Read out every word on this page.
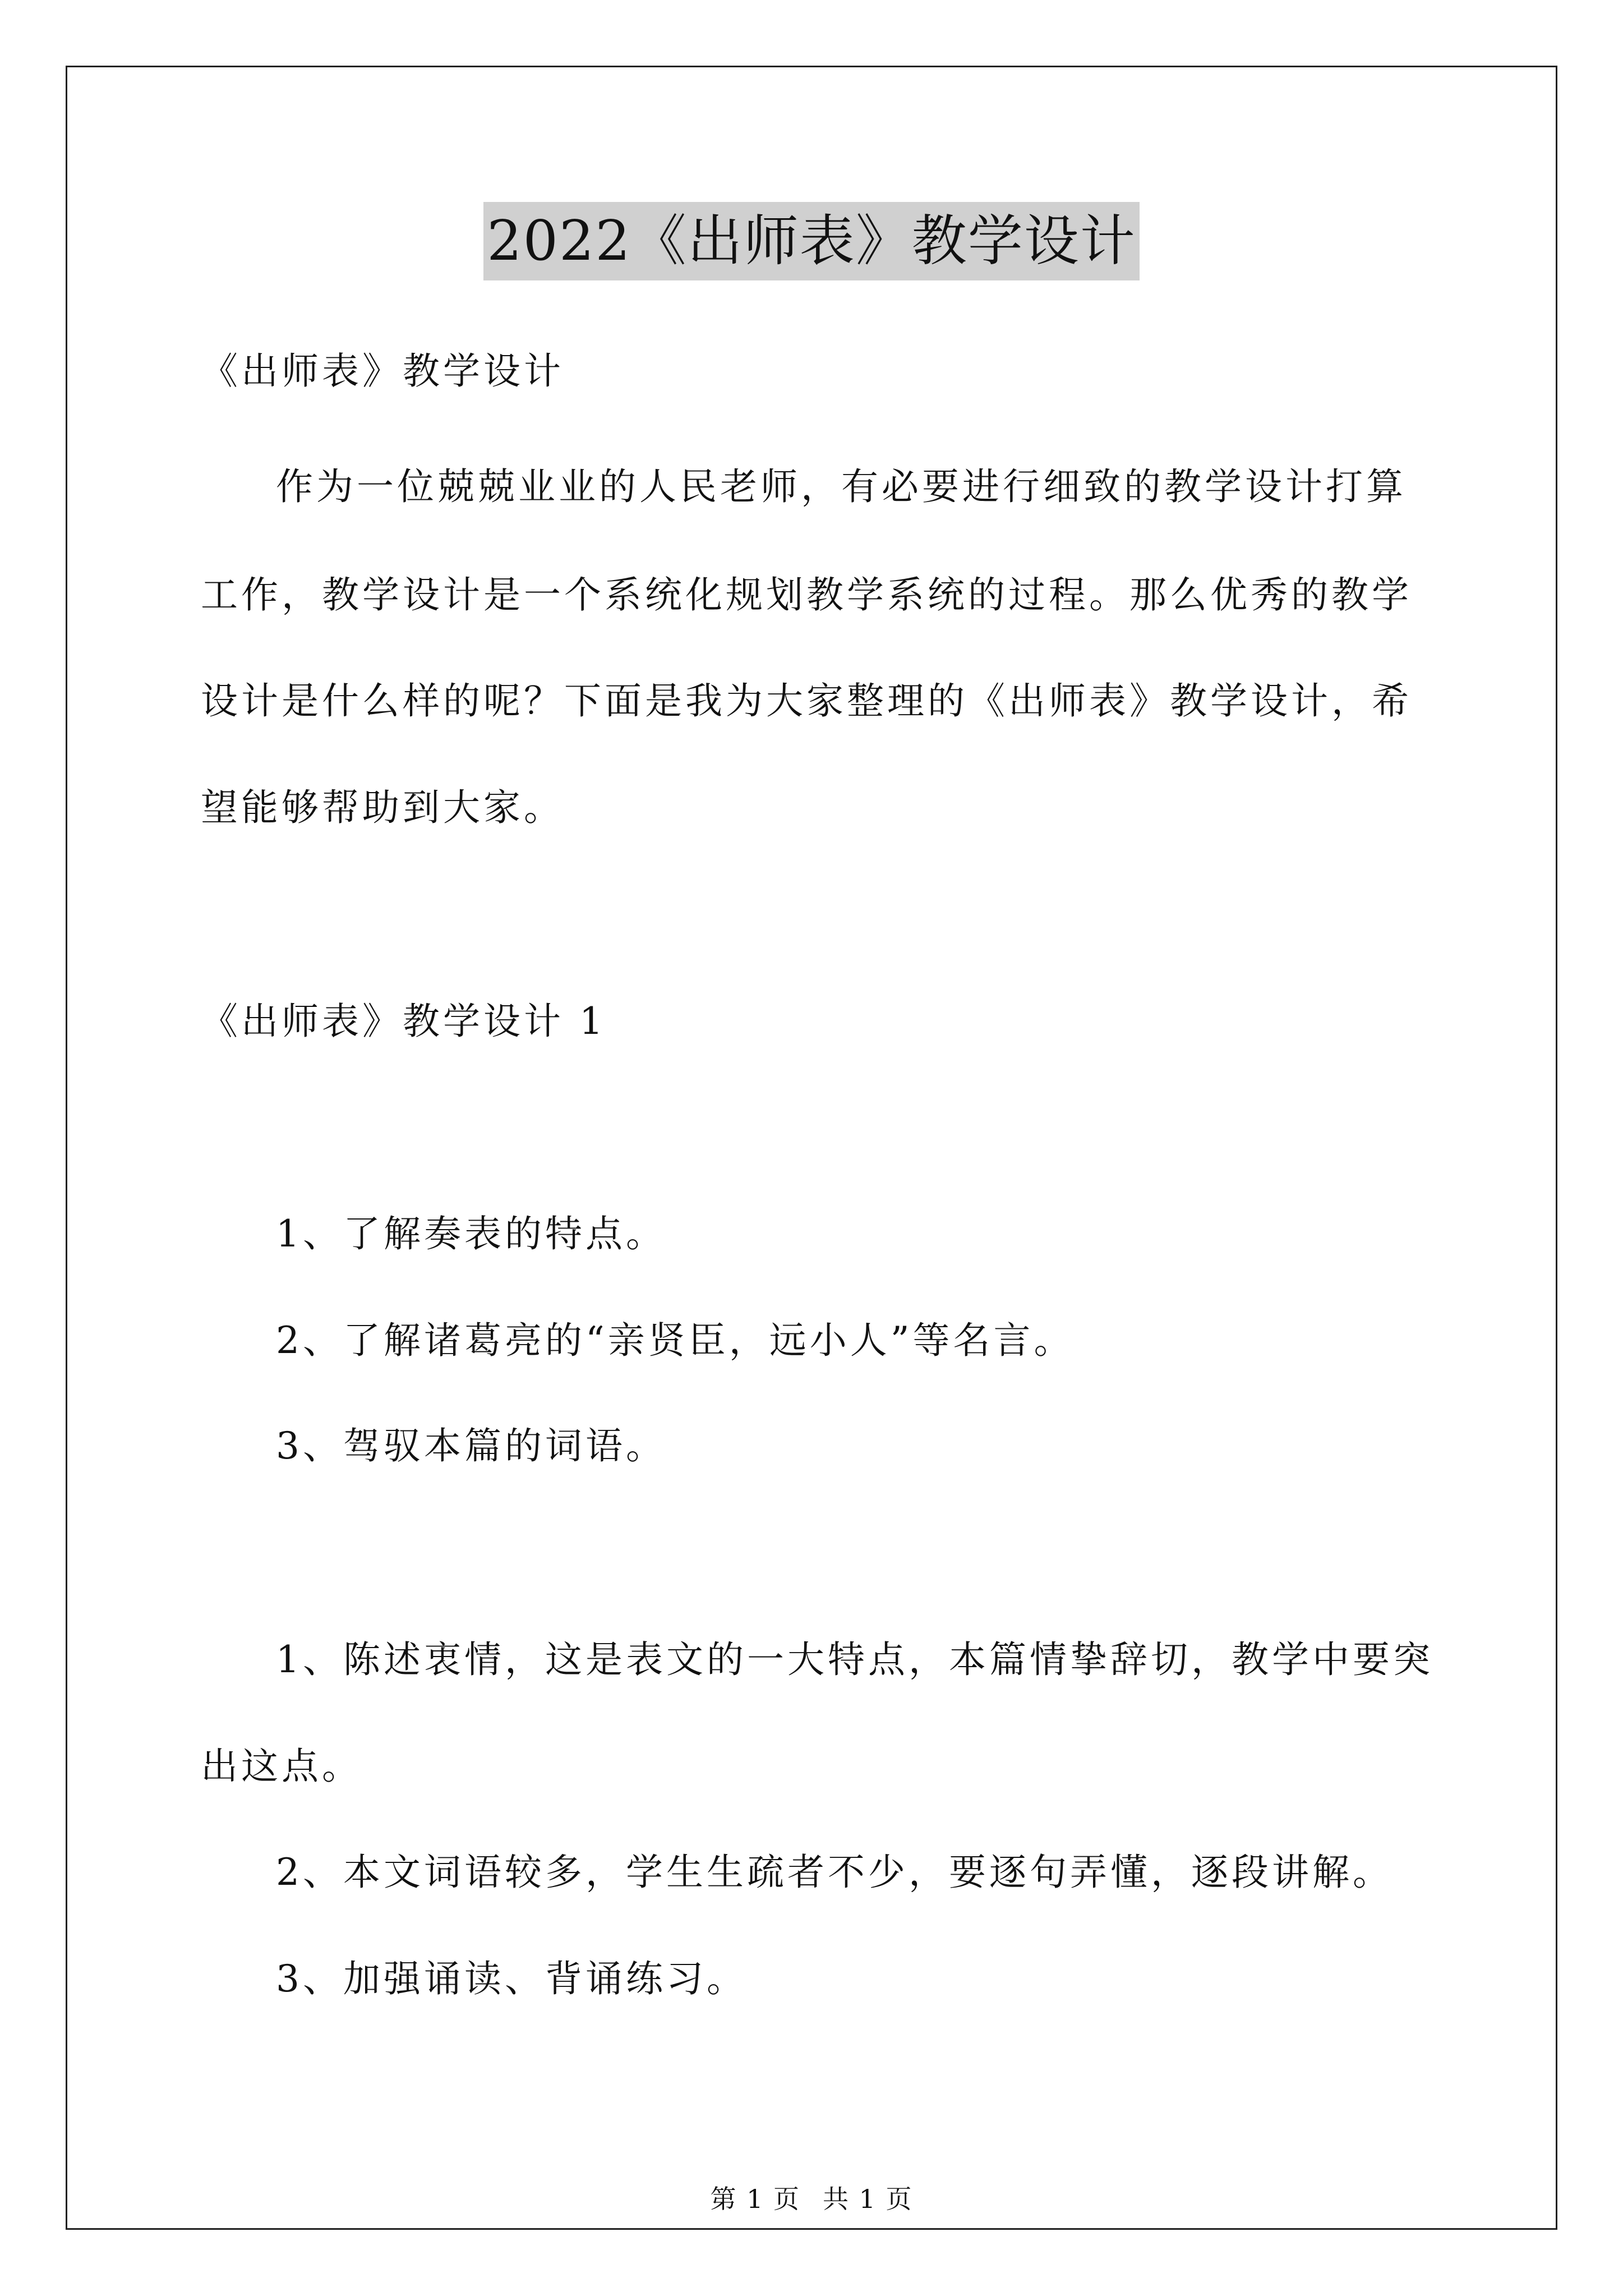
2022《出师表》教学设计
《出师表》教学设计
作为一位兢兢业业的人民老师，有必要进行细致的教学设计打算
工作，教学设计是一个系统化规划教学系统的过程。那么优秀的教学
设计是什么样的呢？下面是我为大家整理的《出师表》教学设计，希
望能够帮助到大家。
《出师表》教学设计 1
1、了解奏表的特点。
2、了解诸葛亮的“亲贤臣，远小人”等名言。
3、驾驭本篇的词语。
1、陈述衷情，这是表文的一大特点，本篇情挚辞切，教学中要突
出这点。
2、本文词语较多，学生生疏者不少，要逐句弄懂，逐段讲解。
3、加强诵读、背诵练习。
第 1 页 共 1 页
